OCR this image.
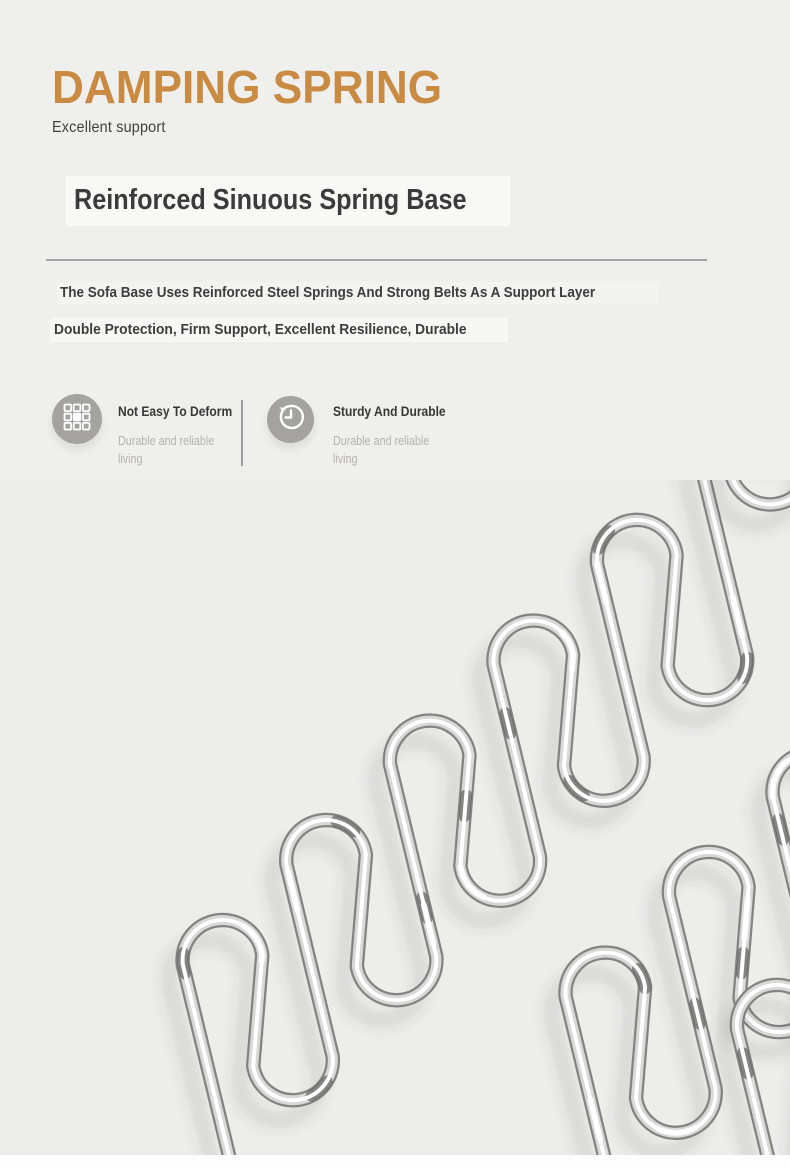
DAMPING SPRING
Excellent support
Reinforced Sinuous Spring Base
The Sofa Base Uses Reinforced Steel Springs And Strong Belts As A Support Layer
Double Protection, Firm Support, Excellent Resilience, Durable
Not Easy To Deform
Durable and reliable living
Sturdy And Durable
Durable and reliable living
